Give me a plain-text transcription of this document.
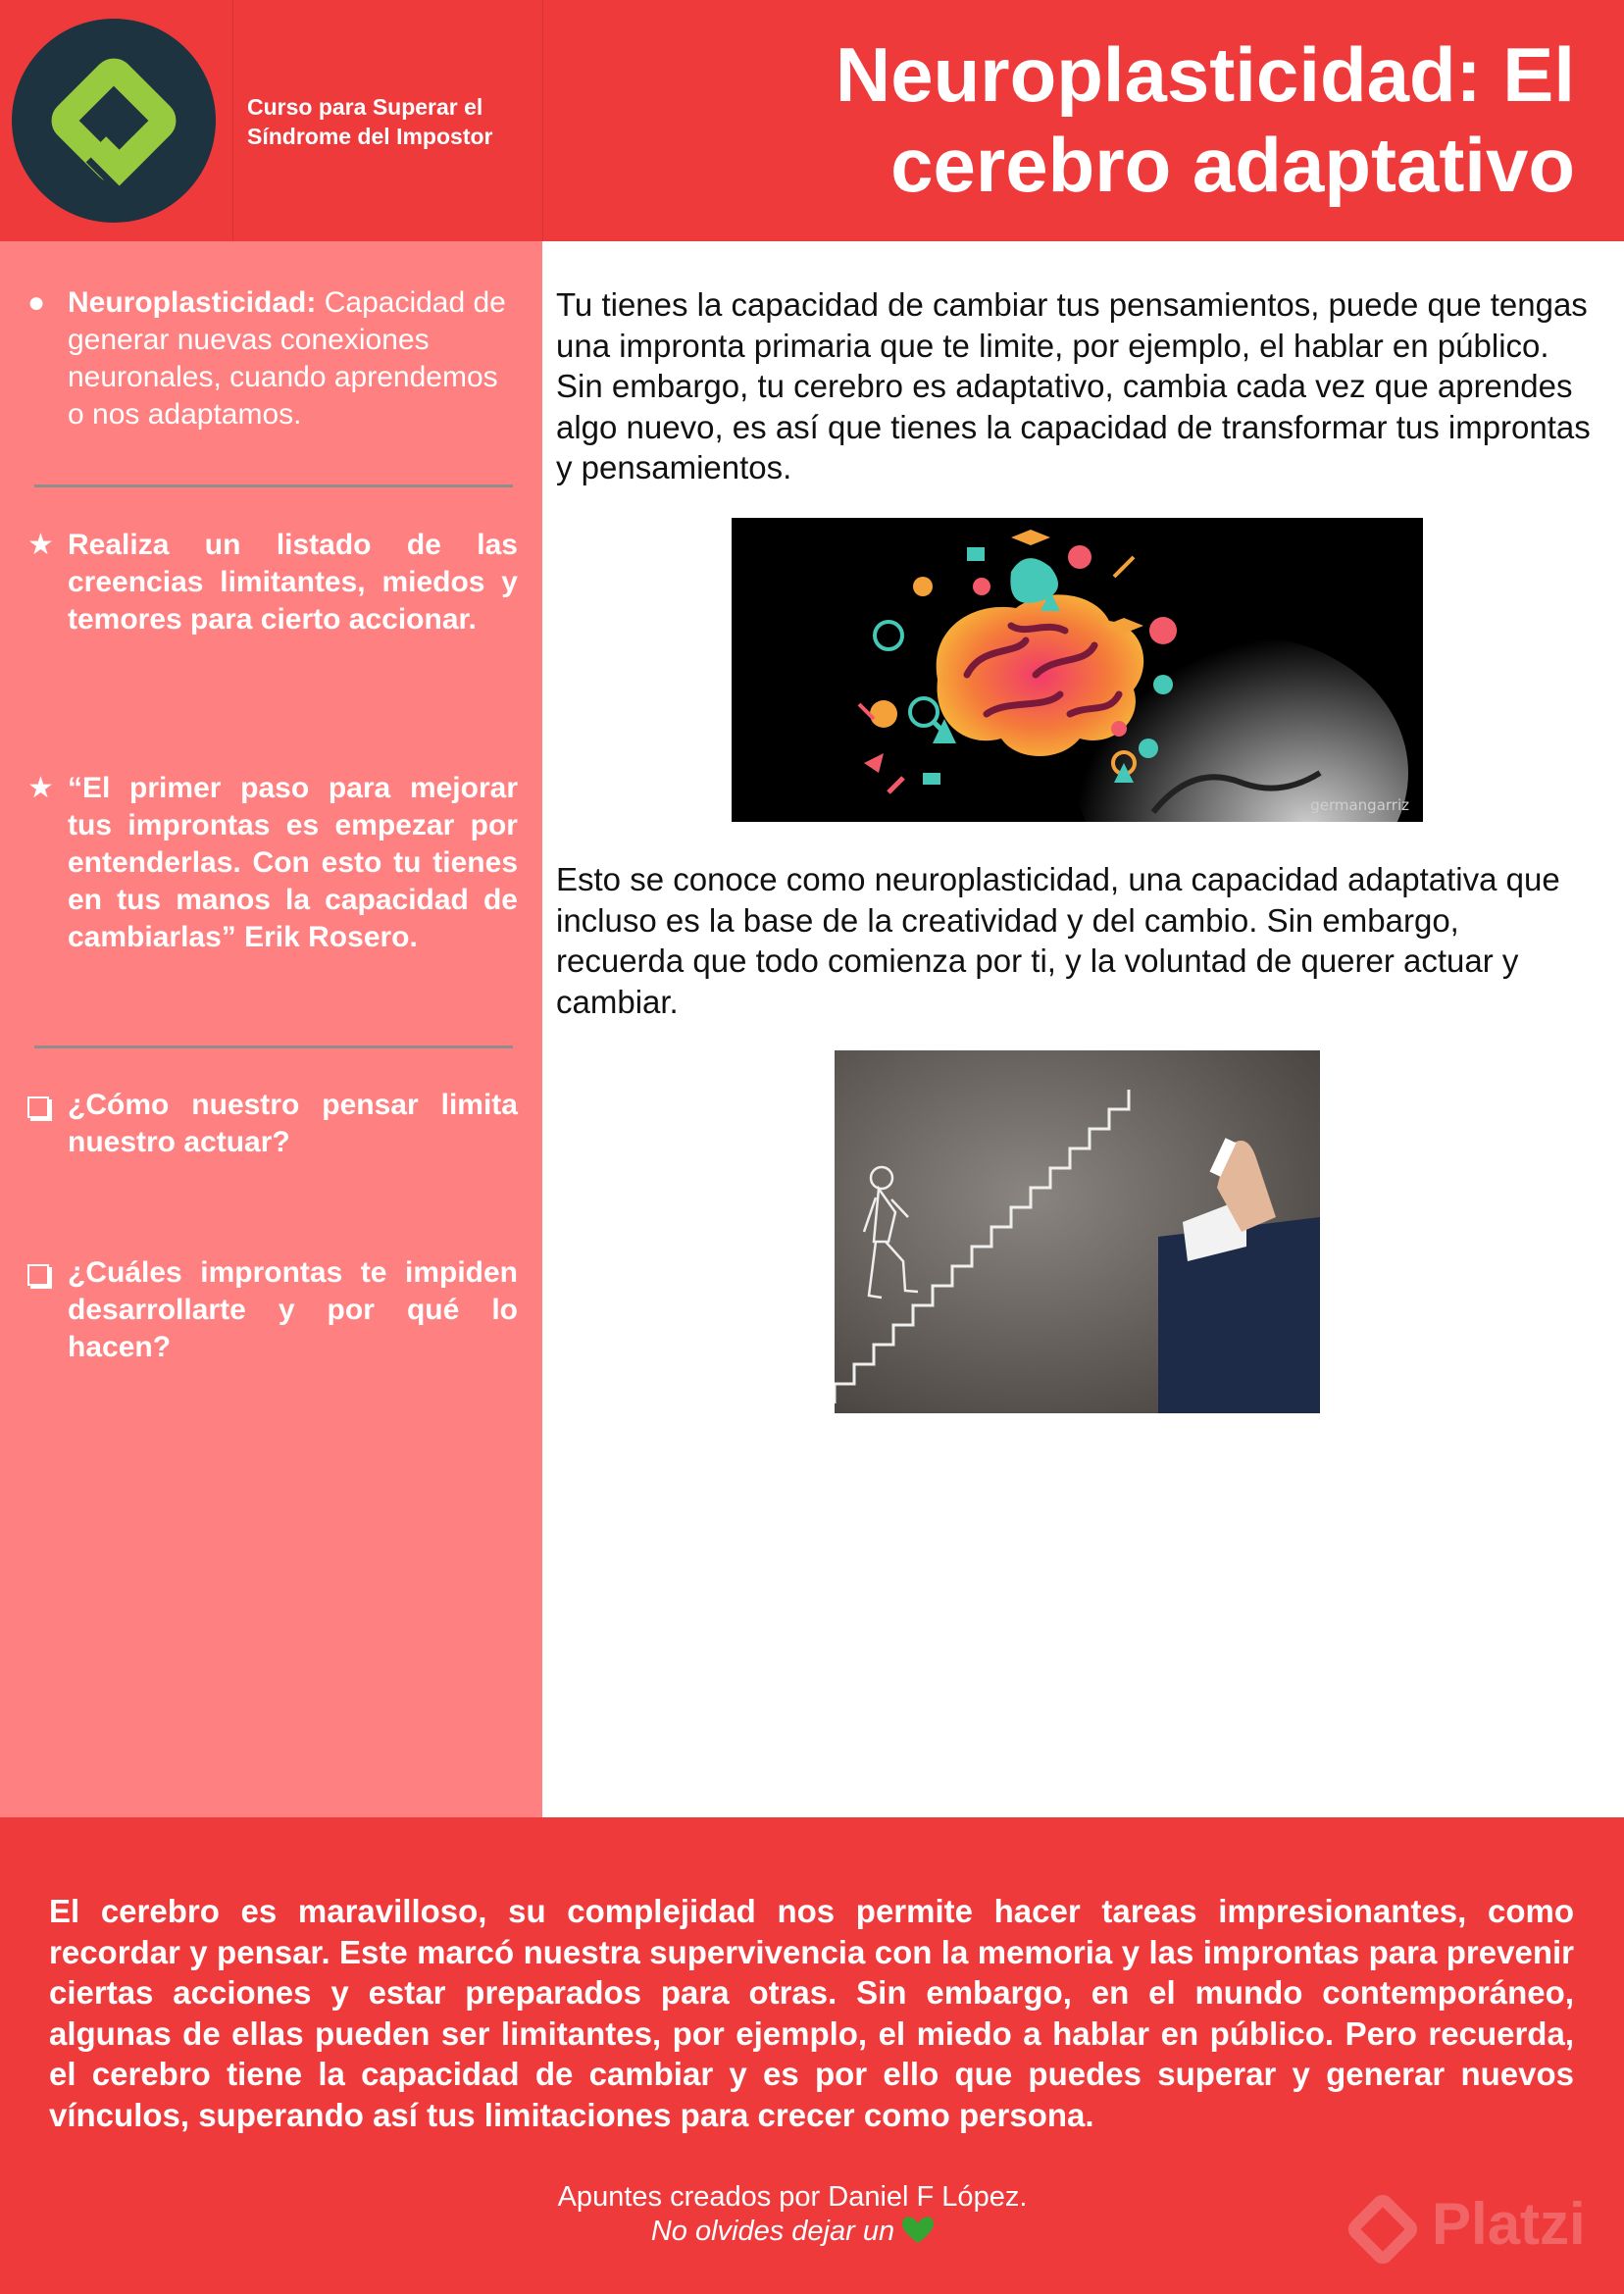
Curso para Superar el
Síndrome del Impostor
Neuroplasticidad: El
cerebro adaptativo
● Neuroplasticidad: Capacidad de generar nuevas conexiones neuronales, cuando aprendemos o nos adaptamos.
★ Realiza un listado de las creencias limitantes, miedos y temores para cierto accionar.
★ “El primer paso para mejorar tus improntas es empezar por entenderlas. Con esto tu tienes en tus manos la capacidad de cambiarlas” Erik Rosero.
¿Cómo nuestro pensar limita nuestro actuar?
¿Cuáles improntas te impiden desarrollarte y por qué lo hacen?
Tu tienes la capacidad de cambiar tus pensamientos, puede que tengas una impronta primaria que te limite, por ejemplo, el hablar en público. Sin embargo, tu cerebro es adaptativo, cambia cada vez que aprendes algo nuevo, es así que tienes la capacidad de transformar tus improntas y pensamientos.
germangarriz
Esto se conoce como neuroplasticidad, una capacidad adaptativa que incluso es la base de la creatividad y del cambio. Sin embargo, recuerda que todo comienza por ti, y la voluntad de querer actuar y cambiar.
El cerebro es maravilloso, su complejidad nos permite hacer tareas impresionantes, como recordar y pensar. Este marcó nuestra supervivencia con la memoria y las improntas para prevenir ciertas acciones y estar preparados para otras. Sin embargo, en el mundo contemporáneo, algunas de ellas pueden ser limitantes, por ejemplo, el miedo a hablar en público. Pero recuerda, el cerebro tiene la capacidad de cambiar y es por ello que puedes superar y generar nuevos vínculos, superando así tus limitaciones para crecer como persona.
Apuntes creados por Daniel F López.
No olvides dejar un	Platzi
